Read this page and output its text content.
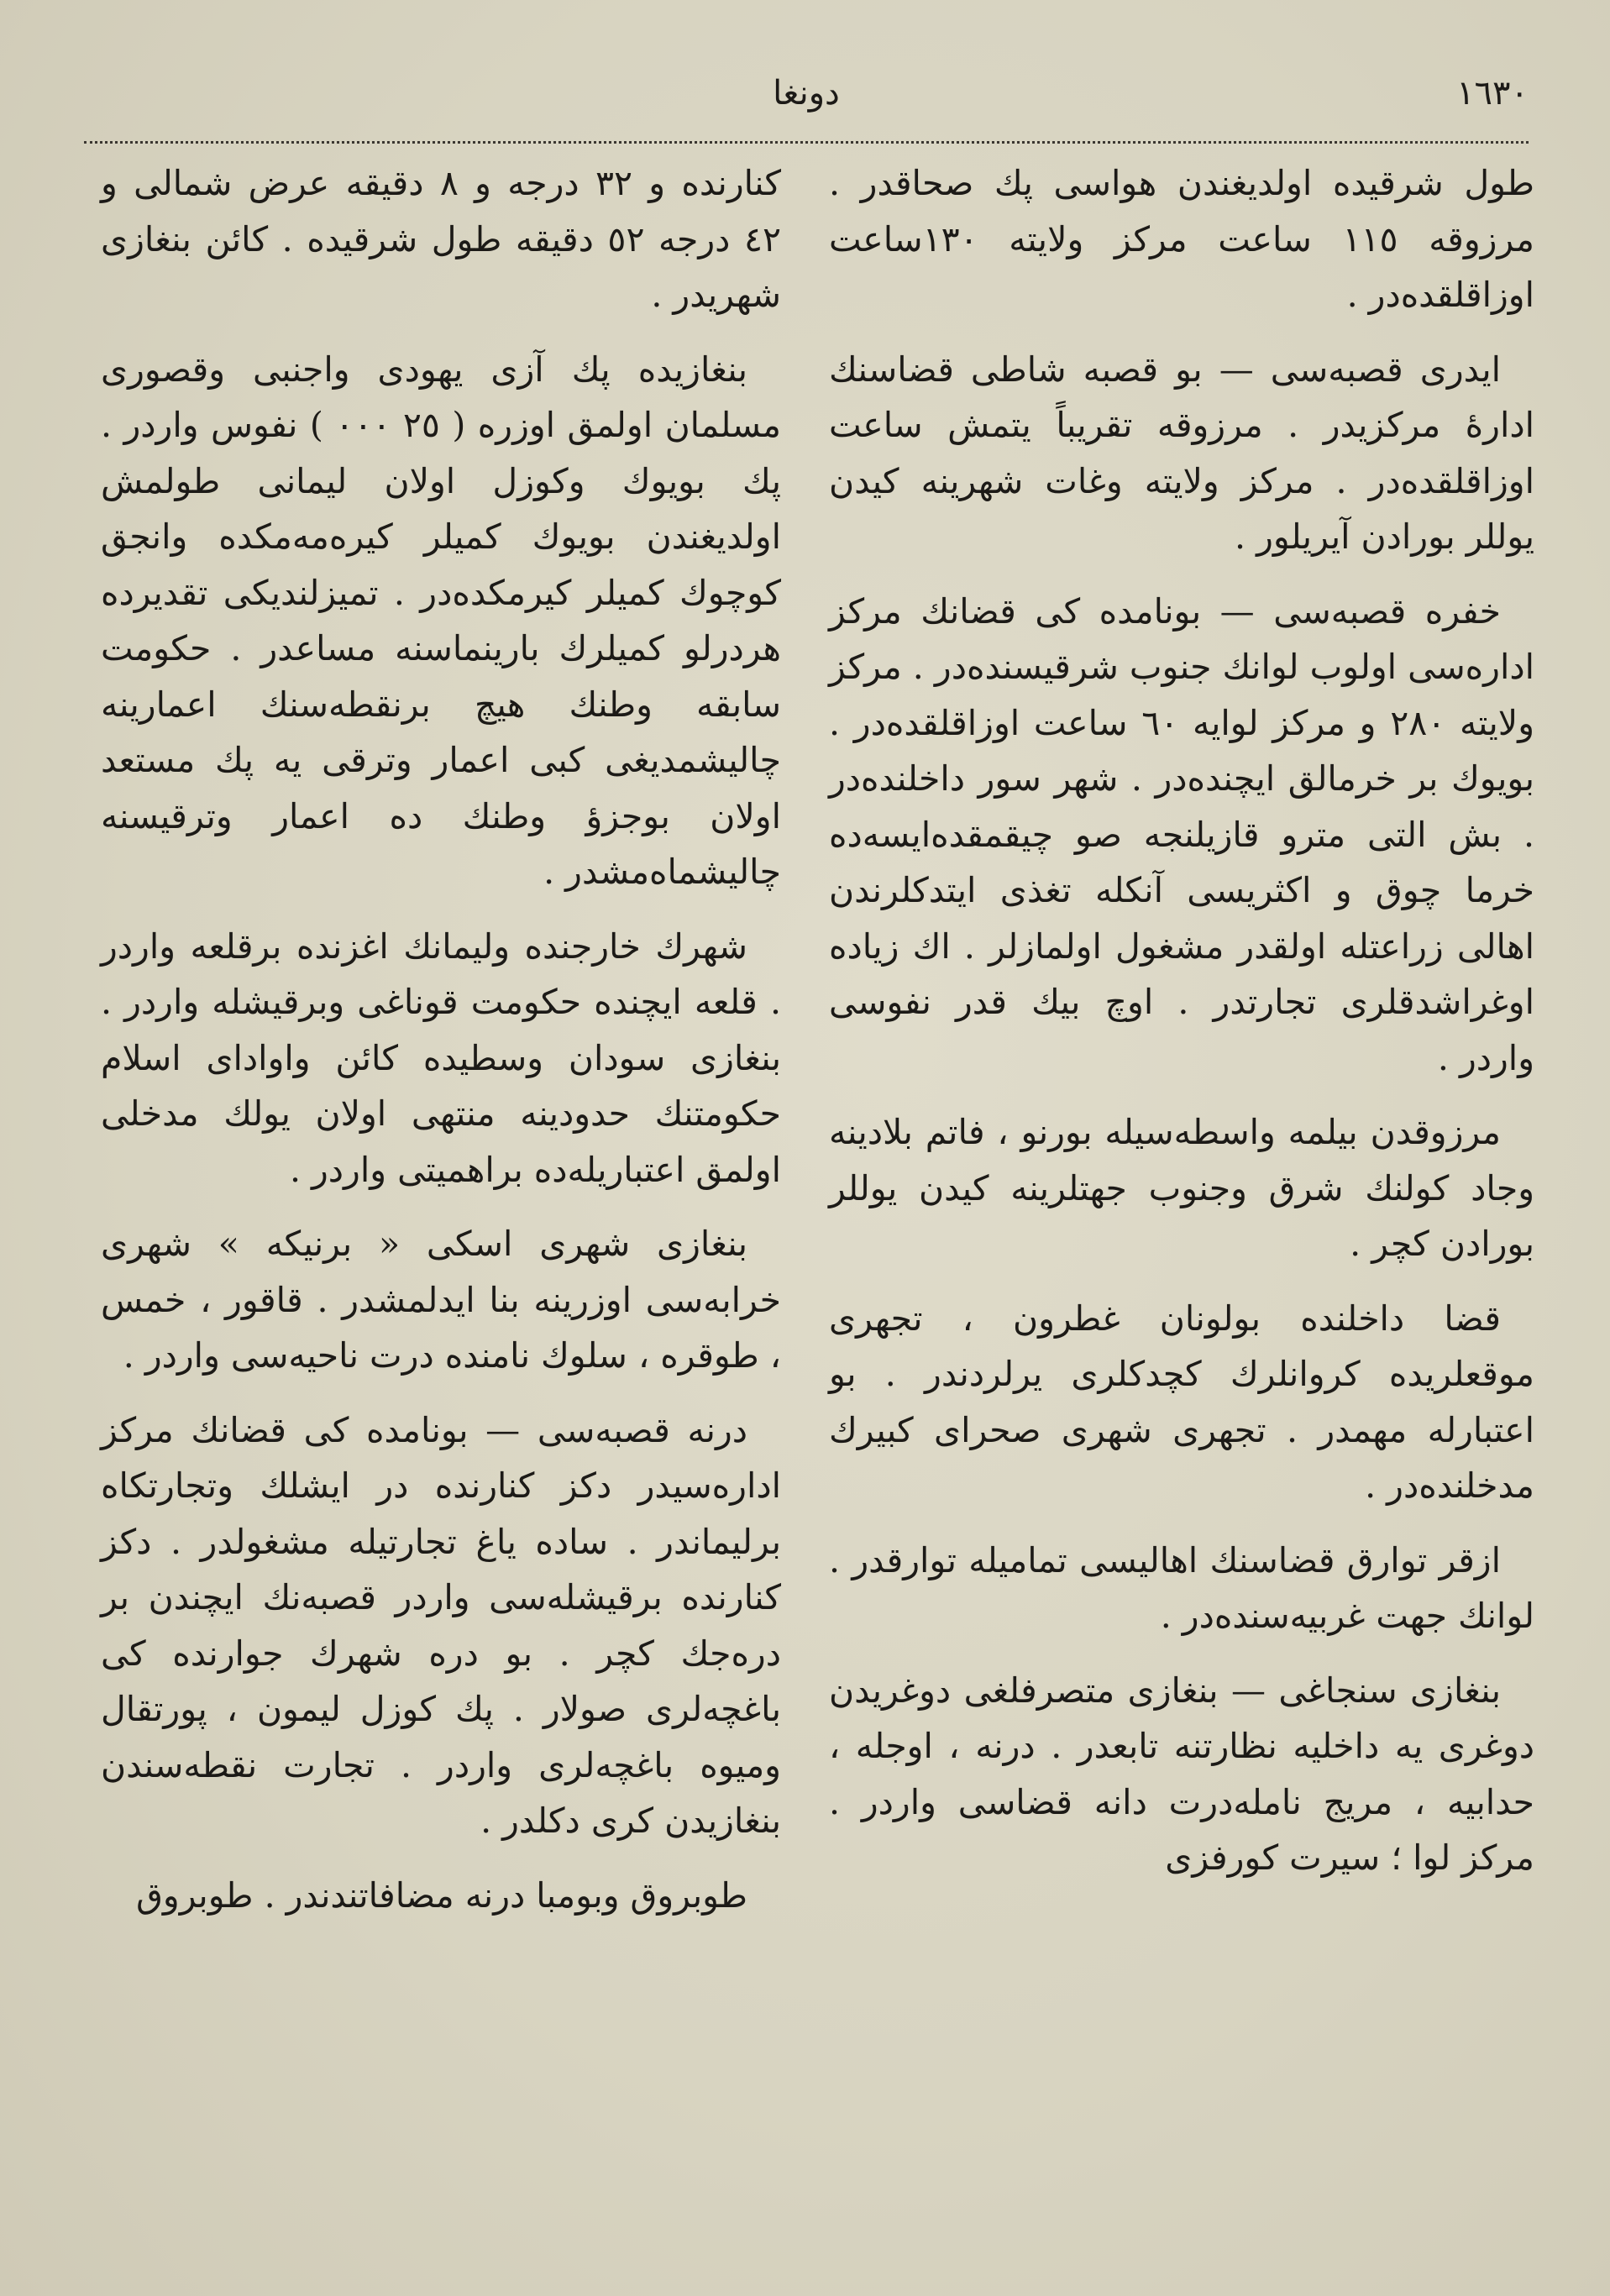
١٦٣٠
دونغا

طول شرقیده اولدیغندن هواسی پك صحاقدر . مرزوقه ١١٥ ساعت مرکز ولایته ١٣٠ساعت اوزاقلقدەدر .

ایدری قصبەسی — بو قصبه شاطی قضاسنك ادارهٔ مرکزیدر . مرزوقه تقریباً یتمش ساعت اوزاقلقدەدر . مرکز ولایته وغات شهرینه کیدن یوللر بورادن آیریلور .

خفره قصبەسی — بونامده کی قضانك مرکز ادارەسی اولوب لوانك جنوب شرقیسندەدر . مرکز ولایته ٢٨٠ و مرکز لوایه ٦٠ ساعت اوزاقلقدەدر . بویوك بر خرمالق ایچندەدر . شهر سور داخلندەدر . بش التی مترو قازیلنجه صو چیقمقدەایسەده خرما چوق و اکثریسی آنکله تغذی ایتدکلرندن اهالی زراعتله اولقدر مشغول اولمازلر . اك زیاده اوغراشدقلری تجارتدر . اوچ بیك قدر نفوسی واردر .

مرزوقدن بیلمه واسطەسیله بورنو ، فاتم بلادینه وجاد کولنك شرق وجنوب جهتلرینه کیدن یوللر بورادن کچر .

قضا داخلنده بولونان غطرون ، تجهری موقعلریده کروانلرك کچدکلری یرلردندر . بو اعتبارله مهمدر . تجهری شهری صحرای کبیرك مدخلندەدر .

ازقر توارق قضاسنك اهالیسی تماميله توارقدر . لوانك جهت غربیەسندەدر .

بنغازی سنجاغی — بنغازی متصرفلغی دوغریدن دوغری یه داخلیه نظارتنه تابعدر . درنه ، اوجله ، حدابیه ، مریج ناملەدرت دانه قضاسی واردر . مرکز لوا ؛ سیرت کورفزی

کنارنده و ٣٢ درجه و ٨ دقیقه عرض شمالی و ٤٢ درجه ٥٢ دقیقه طول شرقیده . کائن بنغازی شهریدر .

بنغازیده پك آزی یهودی واجنبی وقصوری مسلمان اولمق اوزره ( ٢٥ ٠٠٠ ) نفوس واردر . پك بویوك وکوزل اولان لیمانی طولمش اولدیغندن بویوك کمیلر کیره‌مه‌مکده وانجق کوچوك کمیلر کیرمکده‌در . تمیزلندیکی تقدیرده هردرلو کمیلرك بارینماسنه مساعدر . حکومت سابقه وطنك هیچ برنقطه‌سنك اعمارینه چالیشمدیغی کبی اعمار وترقی یه پك مستعد اولان بوجزؤ وطنك ده اعمار وترقیسنه چالیشماەمشدر .

شهرك خارجنده ولیمانك اغزنده برقلعه واردر . قلعه ایچنده حکومت قوناغی وبرقیشله واردر . بنغازی سودان وسطیده کائن واوادای اسلام حکومتنك حدودینه منتهی اولان یولك مدخلی اولمق اعتباریله‌ده براهمیتی واردر .

بنغازی شهری اسکی « برنیکه » شهری خرابەسی اوزرینه بنا ایدلمشدر . قاقور ، خمس ، طوقره ، سلوك نامنده درت ناحیەسی واردر .

درنه قصبەسی — بونامده کی قضانك مرکز ادارەسیدر دکز کنارنده در ایشلك وتجارتکاه برلیماندر . ساده یاغ تجارتیله مشغولدر . دکز کنارنده برقیشلەسی واردر قصبەنك ایچندن بر درەجك کچر . بو دره شهرك جوارنده کی باغچەلری صولار . پك کوزل لیمون ، پورتقال ومیوه باغچەلری واردر . تجارت نقطەسندن بنغازیدن کری دکلدر .

طوبروق وبومبا درنه مضافاتندندر . طوبروق
